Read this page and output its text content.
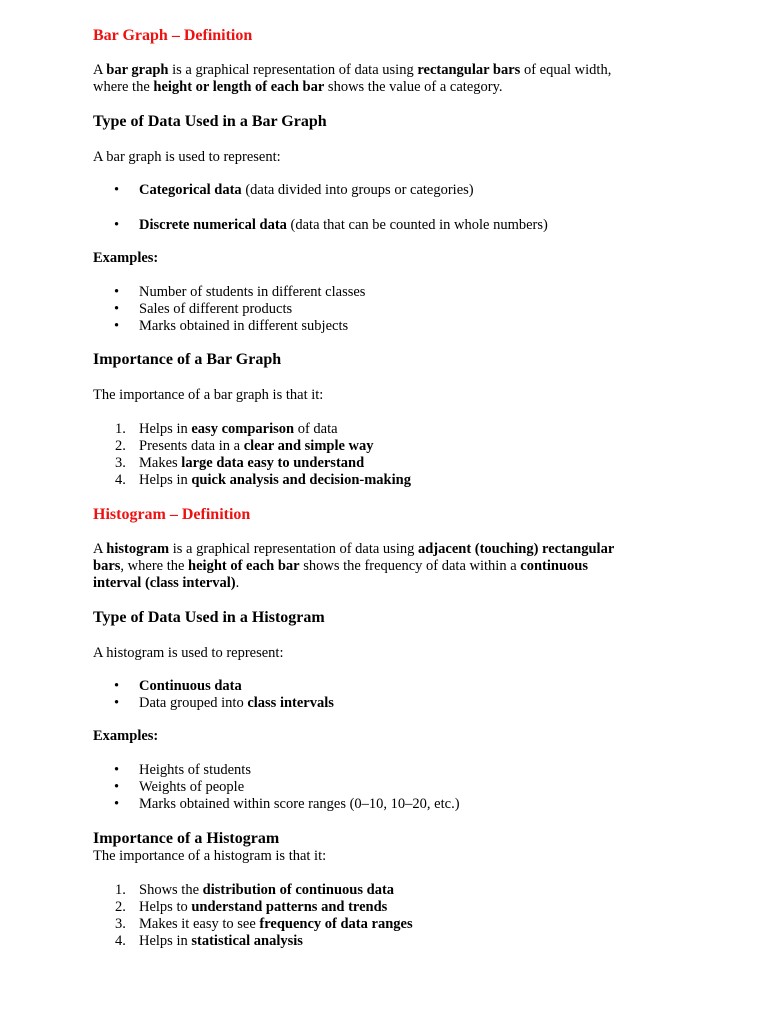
Bar Graph – Definition

A bar graph is a graphical representation of data using rectangular bars of equal width,
where the height or length of each bar shows the value of a category.

Type of Data Used in a Bar Graph

A bar graph is used to represent:

• Categorical data (data divided into groups or categories)
• Discrete numerical data (data that can be counted in whole numbers)

Examples:

• Number of students in different classes
• Sales of different products
• Marks obtained in different subjects
Importance of a Bar Graph

The importance of a bar graph is that it:

1. Helps in easy comparison of data
2. Presents data in a clear and simple way
3. Makes large data easy to understand
4. Helps in quick analysis and decision-making
Histogram – Definition

A histogram is a graphical representation of data using adjacent (touching) rectangular
bars, where the height of each bar shows the frequency of data within a continuous
interval (class interval).

Type of Data Used in a Histogram

A histogram is used to represent:

• Continuous data
• Data grouped into class intervals

Examples:

• Heights of students
• Weights of people
• Marks obtained within score ranges (0–10, 10–20, etc.)
Importance of a Histogram

The importance of a histogram is that it:

1. Shows the distribution of continuous data
2. Helps to understand patterns and trends
3. Makes it easy to see frequency of data ranges
4. Helps in statistical analysis
